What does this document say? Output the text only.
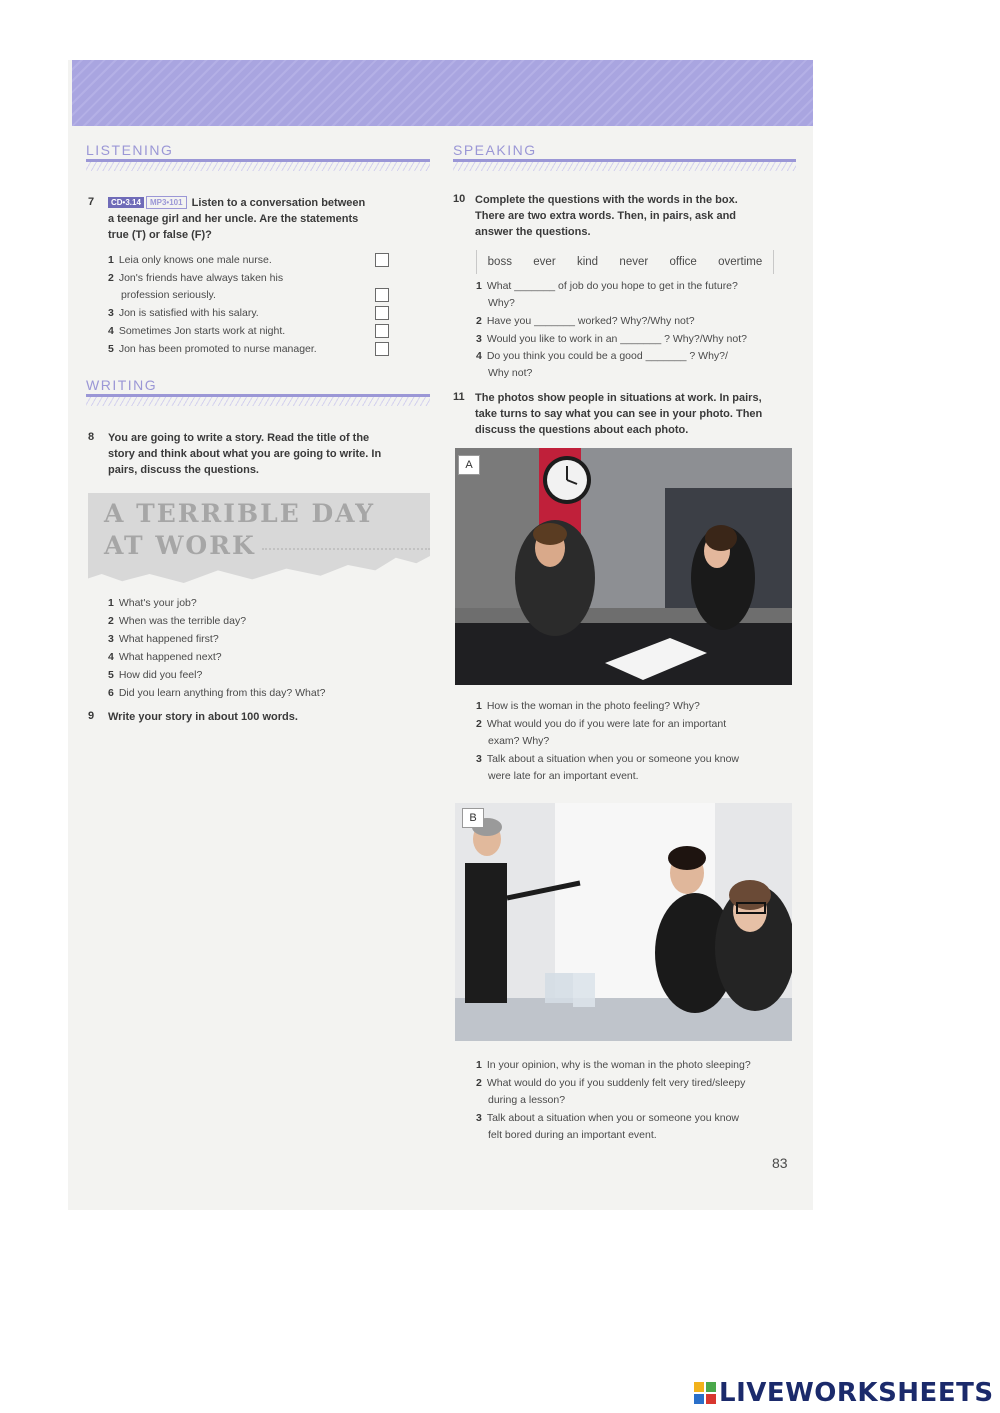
LISTENING
7	CD•3.14 MP3•101 Listen to a conversation between
a teenage girl and her uncle. Are the statements
true (T) or false (F)?
1 Leia only knows one male nurse.
2 Jon's friends have always taken his
profession seriously.
3 Jon is satisfied with his salary.
4 Sometimes Jon starts work at night.
5 Jon has been promoted to nurse manager.
WRITING
8 You are going to write a story. Read the title of the
story and think about what you are going to write. In
pairs, discuss the questions.
A TERRIBLE DAY
AT WORK
1 What's your job?
2 When was the terrible day?
3 What happened first?
4 What happened next?
5 How did you feel?
6 Did you learn anything from this day? What?
9 Write your story in about 100 words.
SPEAKING
10 Complete the questions with the words in the box.
There are two extra words. Then, in pairs, ask and
answer the questions.
boss ever kind never office overtime
1 What _______ of job do you hope to get in the future?
Why?
2 Have you _______ worked? Why?/Why not?
3 Would you like to work in an _______ ? Why?/Why not?
4 Do you think you could be a good _______ ? Why?/
Why not?
11 The photos show people in situations at work. In pairs,
take turns to say what you can see in your photo. Then
discuss the questions about each photo.
A
1 How is the woman in the photo feeling? Why?
2 What would you do if you were late for an important
exam? Why?
3 Talk about a situation when you or someone you know
were late for an important event.
B
1 In your opinion, why is the woman in the photo sleeping?
2 What would do you if you suddenly felt very tired/sleepy
during a lesson?
3 Talk about a situation when you or someone you know
felt bored during an important event.
83
LIVEWORKSHEETS
